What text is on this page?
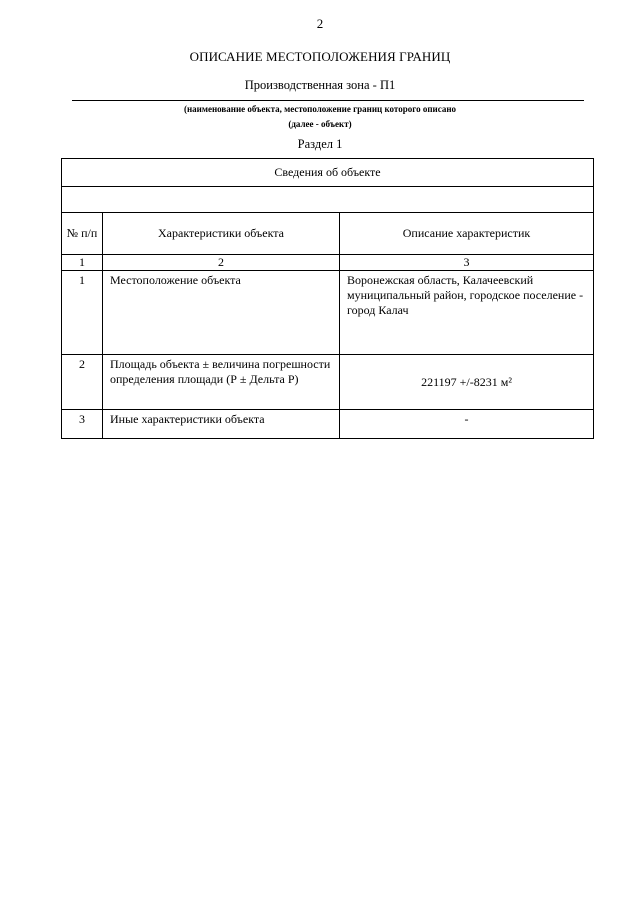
2
ОПИСАНИЕ МЕСТОПОЛОЖЕНИЯ ГРАНИЦ
Производственная зона - П1
(наименование объекта, местоположение границ которого описано
(далее - объект)
Раздел 1
Сведения об объекте		

№ п/п	Характеристики объекта	Описание характеристик
1	2	3
1	Местоположение объекта	Воронежская область, Калачеевский муниципальный район, городское поселение - город Калач
2	Площадь объекта ± величина погрешности определения площади (Р ± Дельта Р)	221197 +/-8231 м²
3	Иные характеристики объекта	-
